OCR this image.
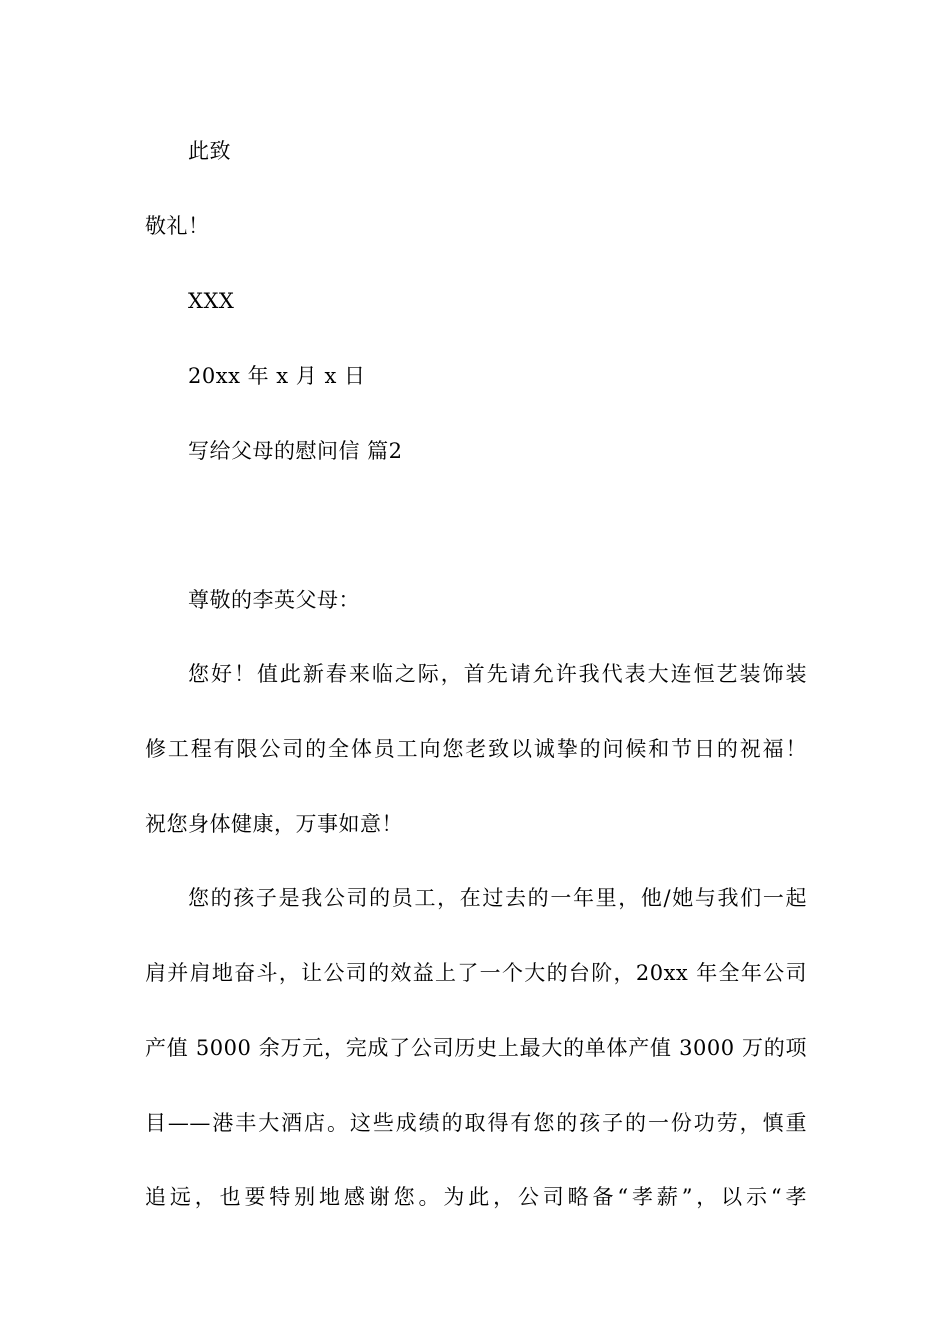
此致
敬礼！
XXX
20xx 年 x 月 x 日
写给父母的慰问信 篇2
尊敬的李英父母：
您好！值此新春来临之际，首先请允许我代表大连恒艺装饰装
修工程有限公司的全体员工向您老致以诚挚的问候和节日的祝福！
祝您身体健康，万事如意！
您的孩子是我公司的员工，在过去的一年里，他/她与我们一起
肩并肩地奋斗，让公司的效益上了一个大的台阶，20xx 年全年公司
产值 5000 余万元，完成了公司历史上最大的单体产值 3000 万的项
目——港丰大酒店。这些成绩的取得有您的孩子的一份功劳，慎重
追远，也要特别地感谢您。为此，公司略备“孝薪”，以示“孝
